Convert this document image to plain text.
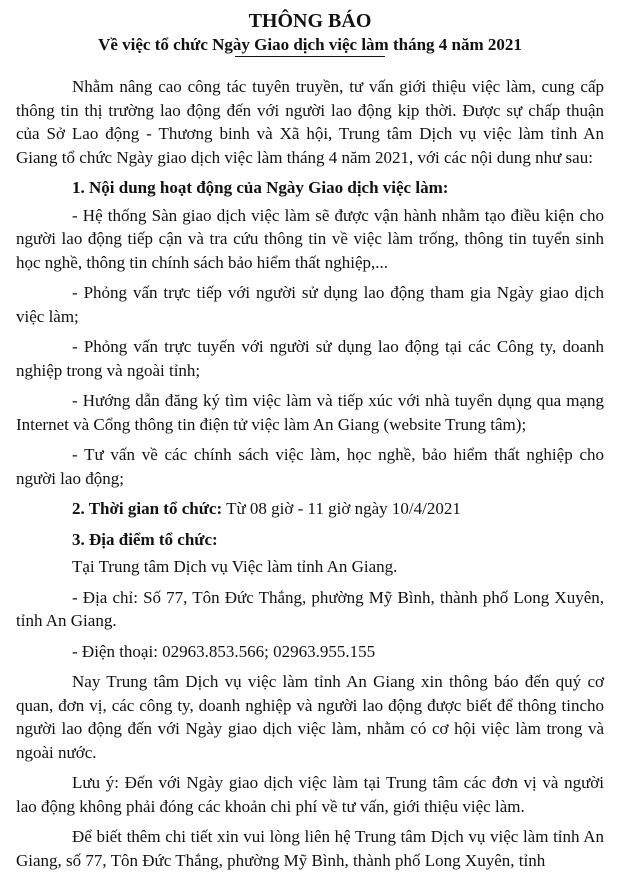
THÔNG BÁO
Về việc tổ chức Ngày Giao dịch việc làm tháng 4 năm 2021

Nhằm nâng cao công tác tuyên truyền, tư vấn giới thiệu việc làm, cung cấp thông tin thị trường lao động đến với người lao động kịp thời. Được sự chấp thuận của Sở Lao động - Thương binh và Xã hội, Trung tâm Dịch vụ việc làm tỉnh An Giang tổ chức Ngày giao dịch việc làm tháng 4 năm 2021, với các nội dung như sau:

1. Nội dung hoạt động của Ngày Giao dịch việc làm:

- Hệ thống Sàn giao dịch việc làm sẽ được vận hành nhằm tạo điều kiện cho người lao động tiếp cận và tra cứu thông tin về việc làm trống, thông tin tuyển sinh học nghề, thông tin chính sách bảo hiểm thất nghiệp,...

- Phỏng vấn trực tiếp với người sử dụng lao động tham gia Ngày giao dịch việc làm;

- Phỏng vấn trực tuyến với người sử dụng lao động tại các Công ty, doanh nghiệp trong và ngoài tỉnh;

- Hướng dẫn đăng ký tìm việc làm và tiếp xúc với nhà tuyển dụng qua mạng Internet và Cổng thông tin điện tử việc làm An Giang (website Trung tâm);

- Tư vấn về các chính sách việc làm, học nghề, bảo hiểm thất nghiệp cho người lao động;

2. Thời gian tổ chức: Từ 08 giờ - 11 giờ ngày 10/4/2021

3. Địa điểm tổ chức:

Tại Trung tâm Dịch vụ Việc làm tỉnh An Giang.

- Địa chỉ: Số 77, Tôn Đức Thắng, phường Mỹ Bình, thành phố Long Xuyên, tỉnh An Giang.

- Điện thoại: 02963.853.566; 02963.955.155

Nay Trung tâm Dịch vụ việc làm tỉnh An Giang xin thông báo đến quý cơ quan, đơn vị, các công ty, doanh nghiệp và người lao động được biết để thông tincho người lao động đến với Ngày giao dịch việc làm, nhằm có cơ hội việc làm trong và ngoài nước.

Lưu ý: Đến với Ngày giao dịch việc làm tại Trung tâm các đơn vị và người lao động không phải đóng các khoản chi phí về tư vấn, giới thiệu việc làm.

Để biết thêm chi tiết xin vui lòng liên hệ Trung tâm Dịch vụ việc làm tỉnh An Giang, số 77, Tôn Đức Thắng, phường Mỹ Bình, thành phố Long Xuyên, tỉnh
